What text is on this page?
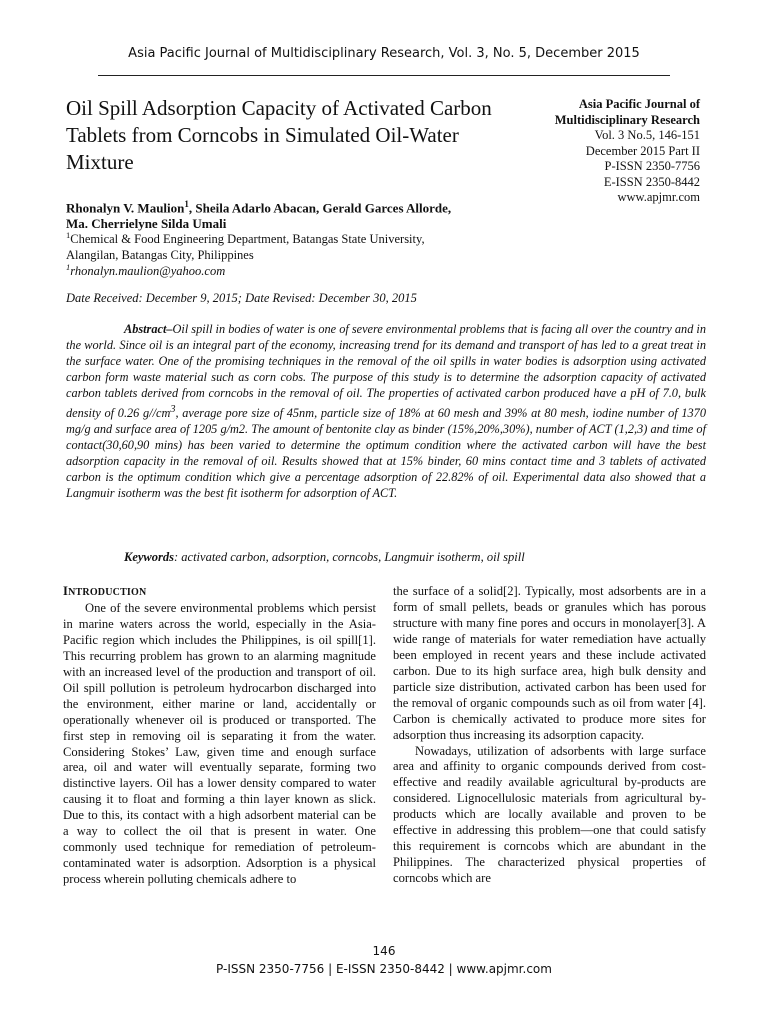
Asia Pacific Journal of Multidisciplinary Research, Vol. 3, No. 5, December 2015
Oil Spill Adsorption Capacity of Activated Carbon Tablets from Corncobs in Simulated Oil-Water Mixture
Asia Pacific Journal of
Multidisciplinary Research
Vol. 3 No.5, 146-151
December 2015 Part II
P-ISSN 2350-7756
E-ISSN 2350-8442
www.apjmr.com
Rhonalyn V. Maulion$^1$, Sheila Adarlo Abacan, Gerald Garces Allorde,
Ma. Cherrielyne Silda Umali
$^1$Chemical & Food Engineering Department, Batangas State University,
Alangilan, Batangas City, Philippines
$^1$rhonalyn.maulion@yahoo.com
Date Received: December 9, 2015; Date Revised: December 30, 2015

Abstract–Oil spill in bodies of water is one of severe environmental problems that is facing all over the country and in the world. Since oil is an integral part of the economy, increasing trend for its demand and transport of has led to a great treat in the surface water. One of the promising techniques in the removal of the oil spills in water bodies is adsorption using activated carbon form waste material such as corn cobs. The purpose of this study is to determine the adsorption capacity of activated carbon tablets derived from corncobs in the removal of oil. The properties of activated carbon produced have a pH of 7.0, bulk density of 0.26 $g//cm^3$, average pore size of 45nm, particle size of 18% at 60 mesh and 39% at 80 mesh, iodine number of 1370 mg/g and surface area of 1205 g/m2. The amount of bentonite clay as binder (15%,20%,30%), number of ACT (1,2,3) and time of contact(30,60,90 mins) has been varied to determine the optimum condition where the activated carbon will have the best adsorption capacity in the removal of oil. Results showed that at 15% binder, 60 mins contact time and 3 tablets of activated carbon is the optimum condition which give a percentage adsorption of 22.82% of oil. Experimental data also showed that a Langmuir isotherm was the best fit isotherm for adsorption of ACT.

Keywords: activated carbon, adsorption, corncobs, Langmuir isotherm, oil spill

INTRODUCTION

One of the severe environmental problems which persist in marine waters across the world, especially in the Asia-Pacific region which includes the Philippines, is oil spill[1]. This recurring problem has grown to an alarming magnitude with an increased level of the production and transport of oil. Oil spill pollution is petroleum hydrocarbon discharged into the environment, either marine or land, accidentally or operationally whenever oil is produced or transported. The first step in removing oil is separating it from the water. Considering Stokes’ Law, given time and enough surface area, oil and water will eventually separate, forming two distinctive layers. Oil has a lower density compared to water causing it to float and forming a thin layer known as slick. Due to this, its contact with a high adsorbent material can be a way to collect the oil that is present in water. One commonly used technique for remediation of petroleum-contaminated water is adsorption. Adsorption is a physical process wherein polluting chemicals adhere to

the surface of a solid[2]. Typically, most adsorbents are in a form of small pellets, beads or granules which has porous structure with many fine pores and occurs in monolayer[3]. A wide range of materials for water remediation have actually been employed in recent years and these include activated carbon. Due to its high surface area, high bulk density and particle size distribution, activated carbon has been used for the removal of organic compounds such as oil from water [4]. Carbon is chemically activated to produce more sites for adsorption thus increasing its adsorption capacity.

Nowadays, utilization of adsorbents with large surface area and affinity to organic compounds derived from cost-effective and readily available agricultural by-products are considered. Lignocellulosic materials from agricultural by-products which are locally available and proven to be effective in addressing this problem—one that could satisfy this requirement is corncobs which are abundant in the Philippines. The characterized physical properties of corncobs which are

146
P-ISSN 2350-7756 | E-ISSN 2350-8442 | www.apjmr.com
